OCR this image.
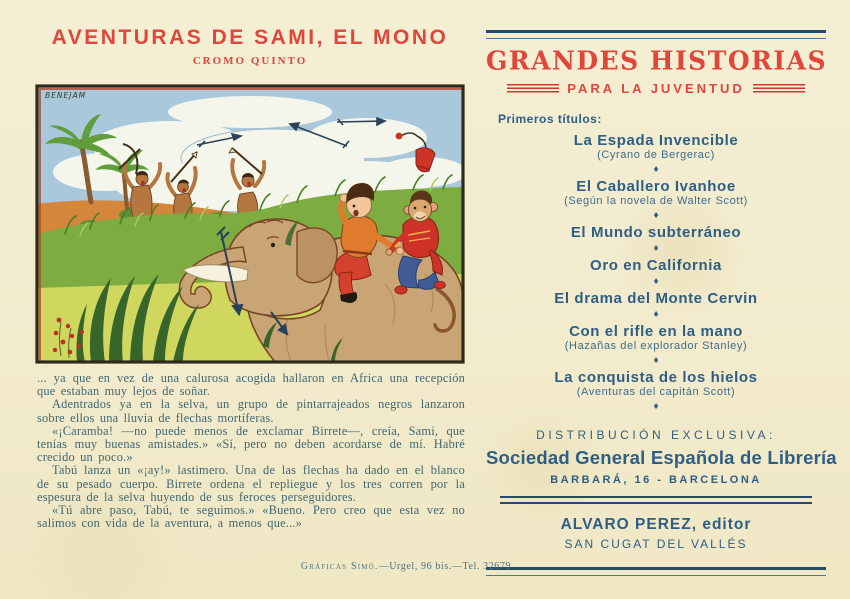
AVENTURAS DE SAMI, EL MONO
CROMO QUINTO
BENEJAM

... ya que en vez de una calurosa acogida hallaron en Africa una recepción que estaban muy lejos de soñar.

Adentrados ya en la selva, un grupo de pintarrajeados negros lanzaron sobre ellos una lluvia de flechas mortíferas.

«¡Caramba! —no puede menos de exclamar Birrete—, creía, Sami, que tenías muy buenas amistades.» «Sí, pero no deben acordarse de mí. Habré crecido un poco.»

Tabú lanza un «¡ay!» lastimero. Una de las flechas ha dado en el blanco de su pesado cuerpo. Birrete ordena el repliegue y los tres corren por la espesura de la selva huyendo de sus feroces perseguidores.

«Tú abre paso, Tabú, te seguimos.» «Bueno. Pero creo que esta vez no salimos con vida de la aventura, a menos que...»

GRANDES HISTORIAS
PARA LA JUVENTUD
Primeros títulos:
La Espada Invencible
(Cyrano de Bergerac)
♦
El Caballero Ivanhoe
(Según la novela de Walter Scott)
♦
El Mundo subterráneo
♦
Oro en California
♦
El drama del Monte Cervin
♦
Con el rifle en la mano
(Hazañas del explorador Stanley)
♦
La conquista de los hielos
(Aventuras del capitán Scott)
♦
DISTRIBUCIÓN EXCLUSIVA:
Sociedad General Española de Librería
BARBARÁ, 16 - BARCELONA
ALVARO PEREZ, editor
SAN CUGAT DEL VALLÉS
Gráficas Simó.—Urgel, 96 bis.—Tel. 32679
